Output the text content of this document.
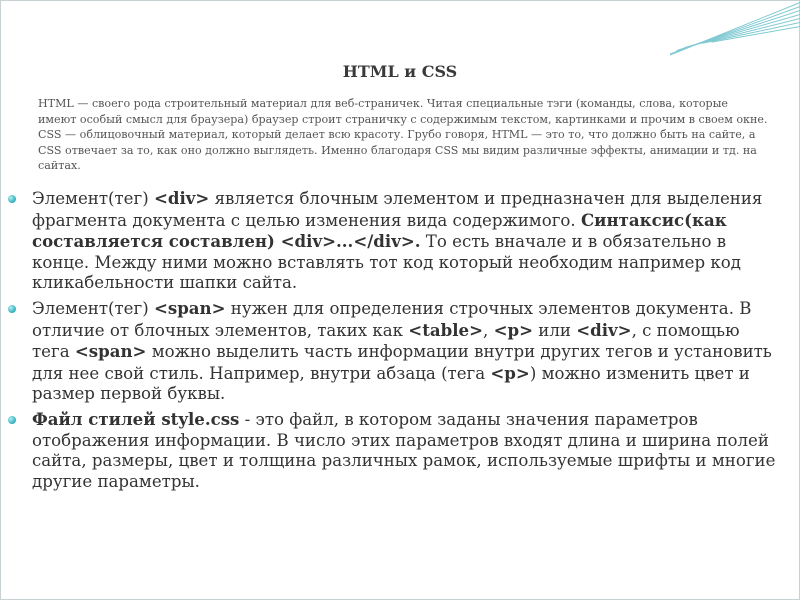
HTML и CSS

HTML — своего рода строительный материал для веб-страничек. Читая специальные тэги (команды, слова, которые имеют особый смысл для браузера) браузер строит страничку с содержимым текстом, картинками и прочим в своем окне.

CSS — облицовочный материал, который делает всю красоту. Грубо говоря, HTML — это то, что должно быть на сайте, а CSS отвечает за то, как оно должно выглядеть. Именно благодаря CSS мы видим различные эффекты, анимации и тд. на сайтах.

Элемент(тег) <div> является блочным элементом и предназначен для выделения фрагмента документа с целью изменения вида содержимого. Синтаксис(как составляется составлен) <div>...</div>. То есть вначале и в обязательно в конце. Между ними можно вставлять тот код который необходим например код кликабельности шапки сайта.
Элемент(тег) <span> нужен для определения строчных элементов документа. В отличие от блочных элементов, таких как <table>, <p> или <div>, с помощью тега <span> можно выделить часть информации внутри других тегов и установить для нее свой стиль. Например, внутри абзаца (тега <p>) можно изменить цвет и размер первой буквы.
Файл стилей style.css - это файл, в котором заданы значения параметров отображения информации. В число этих параметров входят длина и ширина полей сайта, размеры, цвет и толщина различных рамок, используемые шрифты и многие другие параметры.
